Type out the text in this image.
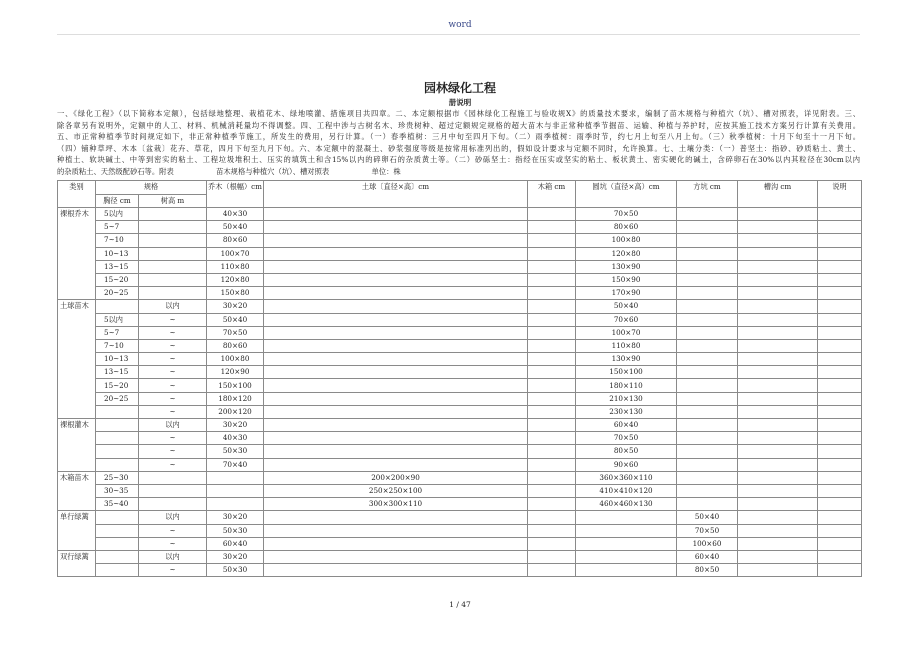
word
园林绿化工程
册说明
一、《绿化工程》（以下简称本定额），包括绿地整理、栽植花木、绿地喷灌、措施项目共四章。二、本定额根据市《园林绿化工程施工与验收规X》的质量技术要求，编制了苗木规格与种植穴（坑）、槽对照表，详见附表。三、
除各章另有说明外，定额中的人工、材料、机械消耗量均不得调整。四、工程中涉与古树名木、珍贵树种、超过定额规定规格的超大苗木与非正常种植季节掘苗、运输、种植与养护时，应按其施工技术方案另行计算有关费用。
五、市正常种植季节时间规定如下，非正常种植季节施工，所发生的费用，另行计算。（一）春季植树：三月中旬至四月下旬。（二）雨季植树：雨季时节，约七月上旬至八月上旬。（三）秋季植树：十月下旬至十一月下旬。
（四）铺种草坪、木本〔盆栽〕花卉、草花，四月下旬至九月下旬。六、本定额中的混凝土、砂浆强度等级是按常用标准列出的，假如设计要求与定额不同时，允许换算。七、土壤分类：（一）普坚土：指砂、砂质粘土、黄土、
种植土、软块碱土、中等到密实的粘土、工程垃圾堆积土、压实的填筑土和含15%以内的碎卵石的杂质黄土等。（二）砂砾坚土：指经在压实或坚实的粘土、板状黄土、密实硬化的碱土，含碎卵石在30%以内其粒径在30cm以内
的杂质粘土、天然级配砂石等。附表	苗木规格与种植穴（坑）、槽对照表	单位：株
类别	规格		乔木（根幅）cm	土球〔直径×高〕cm	木箱 cm	圆坑（直径×高）cm	方坑 cm	槽沟 cm	说明
	胸径 cm	树高 m							
裸根乔木	5以内		40×30			70×50			
	5~7		50×40			80×60			
	7~10		80×60			100×80			
	10~13		100×70			120×80			
	13~15		110×80			130×90			
	15~20		120×80			150×90			
	20~25		150×80			170×90			
土球苗木		以内	30×20			50×40			
	5以内	~	50×40			70×60			
	5~7	~	70×50			100×70			
	7~10	~	80×60			110×80			
	10~13	~	100×80			130×90			
	13~15	~	120×90			150×100			
	15~20	~	150×100			180×110			
	20~25	~	180×120			210×130			
		~	200×120			230×130			
裸根灌木		以内	30×20			60×40			
		~	40×30			70×50			
		~	50×30			80×50			
		~	70×40			90×60			
木箱苗木	25~30			200×200×90		360×360×110			
	30~35			250×250×100		410×410×120			
	35~40			300×300×110		460×460×130			
单行绿篱		以内	30×20				50×40		
		~	50×30				70×50		
		~	60×40				100×60		
双行绿篱		以内	30×20				60×40		
		~	50×30				80×50		
1 / 47
